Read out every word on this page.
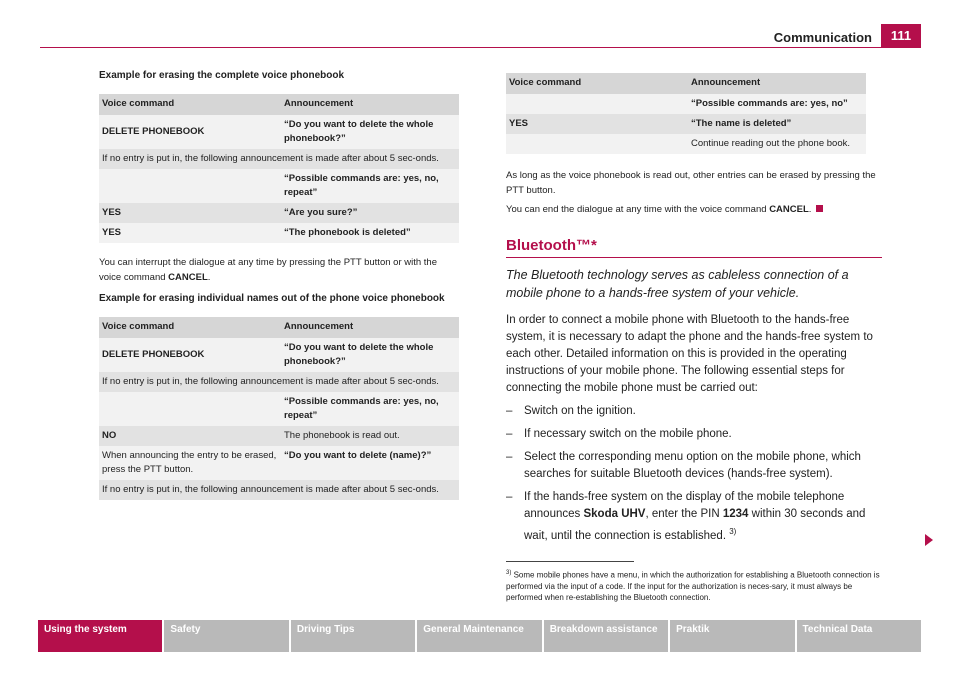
Communication	111

Example for erasing the complete voice phonebook

Voice command	Announcement
DELETE PHONEBOOK	“Do you want to delete the whole phonebook?”
If no entry is put in, the following announcement is made after about 5 sec-onds.	
	“Possible commands are: yes, no, repeat”
YES	“Are you sure?”
YES	“The phonebook is deleted”

You can interrupt the dialogue at any time by pressing the PTT button or with the voice command CANCEL.

Example for erasing individual names out of the phone voice phonebook

Voice command	Announcement
DELETE PHONEBOOK	“Do you want to delete the whole phonebook?”
If no entry is put in, the following announcement is made after about 5 sec-onds.	
	“Possible commands are: yes, no, repeat”
NO	The phonebook is read out.
When announcing the entry to be erased, press the PTT button.	“Do you want to delete (name)?”
If no entry is put in, the following announcement is made after about 5 sec-onds.	
Voice command	Announcement
	“Possible commands are: yes, no”
YES	“The name is deleted”
	Continue reading out the phone book.

As long as the voice phonebook is read out, other entries can be erased by pressing the PTT button.

You can end the dialogue at any time with the voice command CANCEL.

Bluetooth™*

The Bluetooth technology serves as cableless connection of a mobile phone to a hands-free system of your vehicle.

In order to connect a mobile phone with Bluetooth to the hands-free system, it is necessary to adapt the phone and the hands-free system to each other. Detailed information on this is provided in the operating instructions of your mobile phone. The following essential steps for connecting the mobile phone must be carried out:

– Switch on the ignition.

– If necessary switch on the mobile phone.

– Select the corresponding menu option on the mobile phone, which searches for suitable Bluetooth devices (hands-free system).

– If the hands-free system on the display of the mobile telephone announces Skoda UHV, enter the PIN 1234 within 30 seconds and wait, until the connection is established. $^{3)}$

$^{3)}$ Some mobile phones have a menu, in which the authorization for establishing a Bluetooth connection is performed via the input of a code. If the input for the authorization is neces-sary, it must always be performed when re-establishing the Bluetooth connection.
Using the system	Safety	Driving Tips	General Maintenance	Breakdown assistance	Praktik	Technical Data
